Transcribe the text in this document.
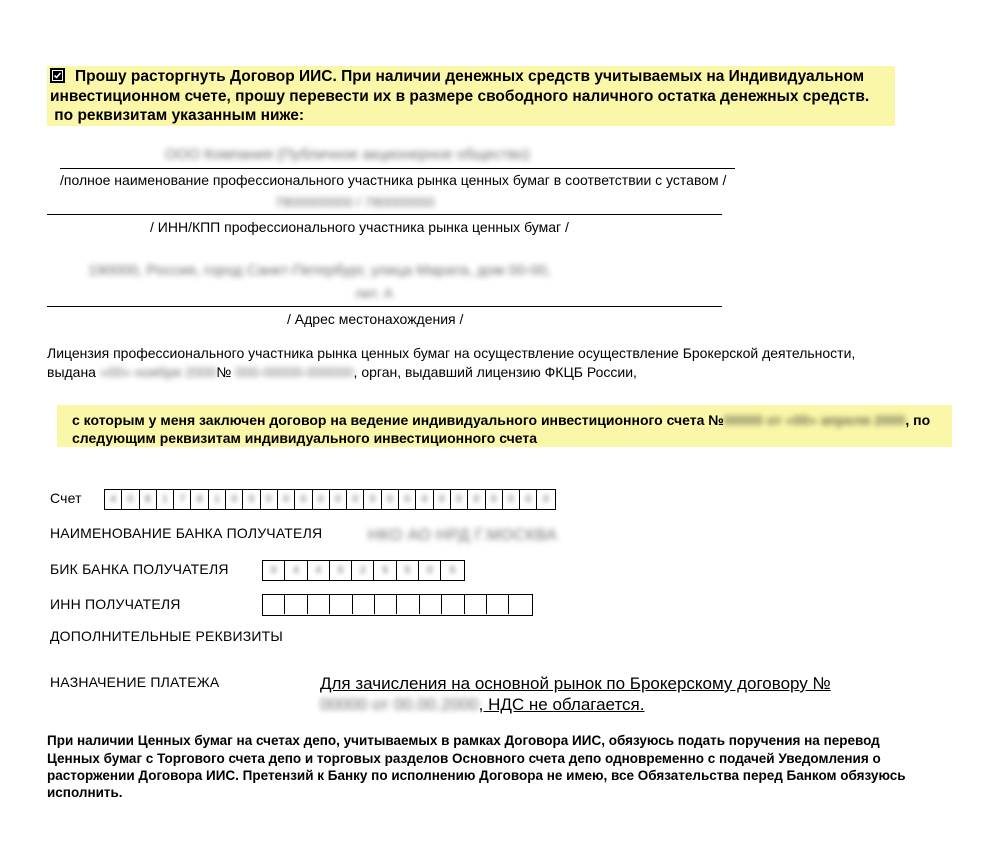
Прошу расторгнуть Договор ИИС. При наличии денежных средств учитываемых на Индивидуальном
инвестиционном счете, прошу перевести их в размере свободного наличного остатка денежных средств.
по реквизитам указанным ниже:
ООО Компания (Публичное акционерное общество)
/полное наименование профессионального участника рынка ценных бумаг в соответствии с уставом /
7800000000 / 780000000
/ ИНН/КПП профессионального участника рынка ценных бумаг /
190000, Россия, город Санкт-Петербург, улица Марата, дом 00-00,
лит. А
/ Адрес местонахождения /
Лицензия профессионального участника рынка ценных бумаг на осуществление осуществление Брокерской деятельности,
выдана «00» ноября 2000№ 000-00000-000000, орган, выдавший лицензию ФКЦБ России,
с которым у меня заключен договор на ведение индивидуального инвестиционного счета №00000 от «00» апреля 2000, по
следующим реквизитам индивидуального инвестиционного счета
Счет	4 0 8 1 7 8 1 0 0 0 0 0 0 0 0 0 0 0 0 0 0 0 0 0 0 0
НАИМЕНОВАНИЕ БАНКА ПОЛУЧАТЕЛЯ	НКО АО НРД Г.МОСКВА
БИК БАНКА ПОЛУЧАТЕЛЯ	0 4 4 5 2 5 5 0 5
ИНН ПОЛУЧАТЕЛЯ
ДОПОЛНИТЕЛЬНЫЕ РЕКВИЗИТЫ
НАЗНАЧЕНИЕ ПЛАТЕЖА	Для зачисления на основной рынок по Брокерскому договору №
00000 от 00.00.2000, НДС не облагается.
При наличии Ценных бумаг на счетах депо, учитываемых в рамках Договора ИИС, обязуюсь подать поручения на перевод
Ценных бумаг с Торгового счета депо и торговых разделов Основного счета депо одновременно с подачей Уведомления о
расторжении Договора ИИС. Претензий к Банку по исполнению Договора не имею, все Обязательства перед Банком обязуюсь
исполнить.
